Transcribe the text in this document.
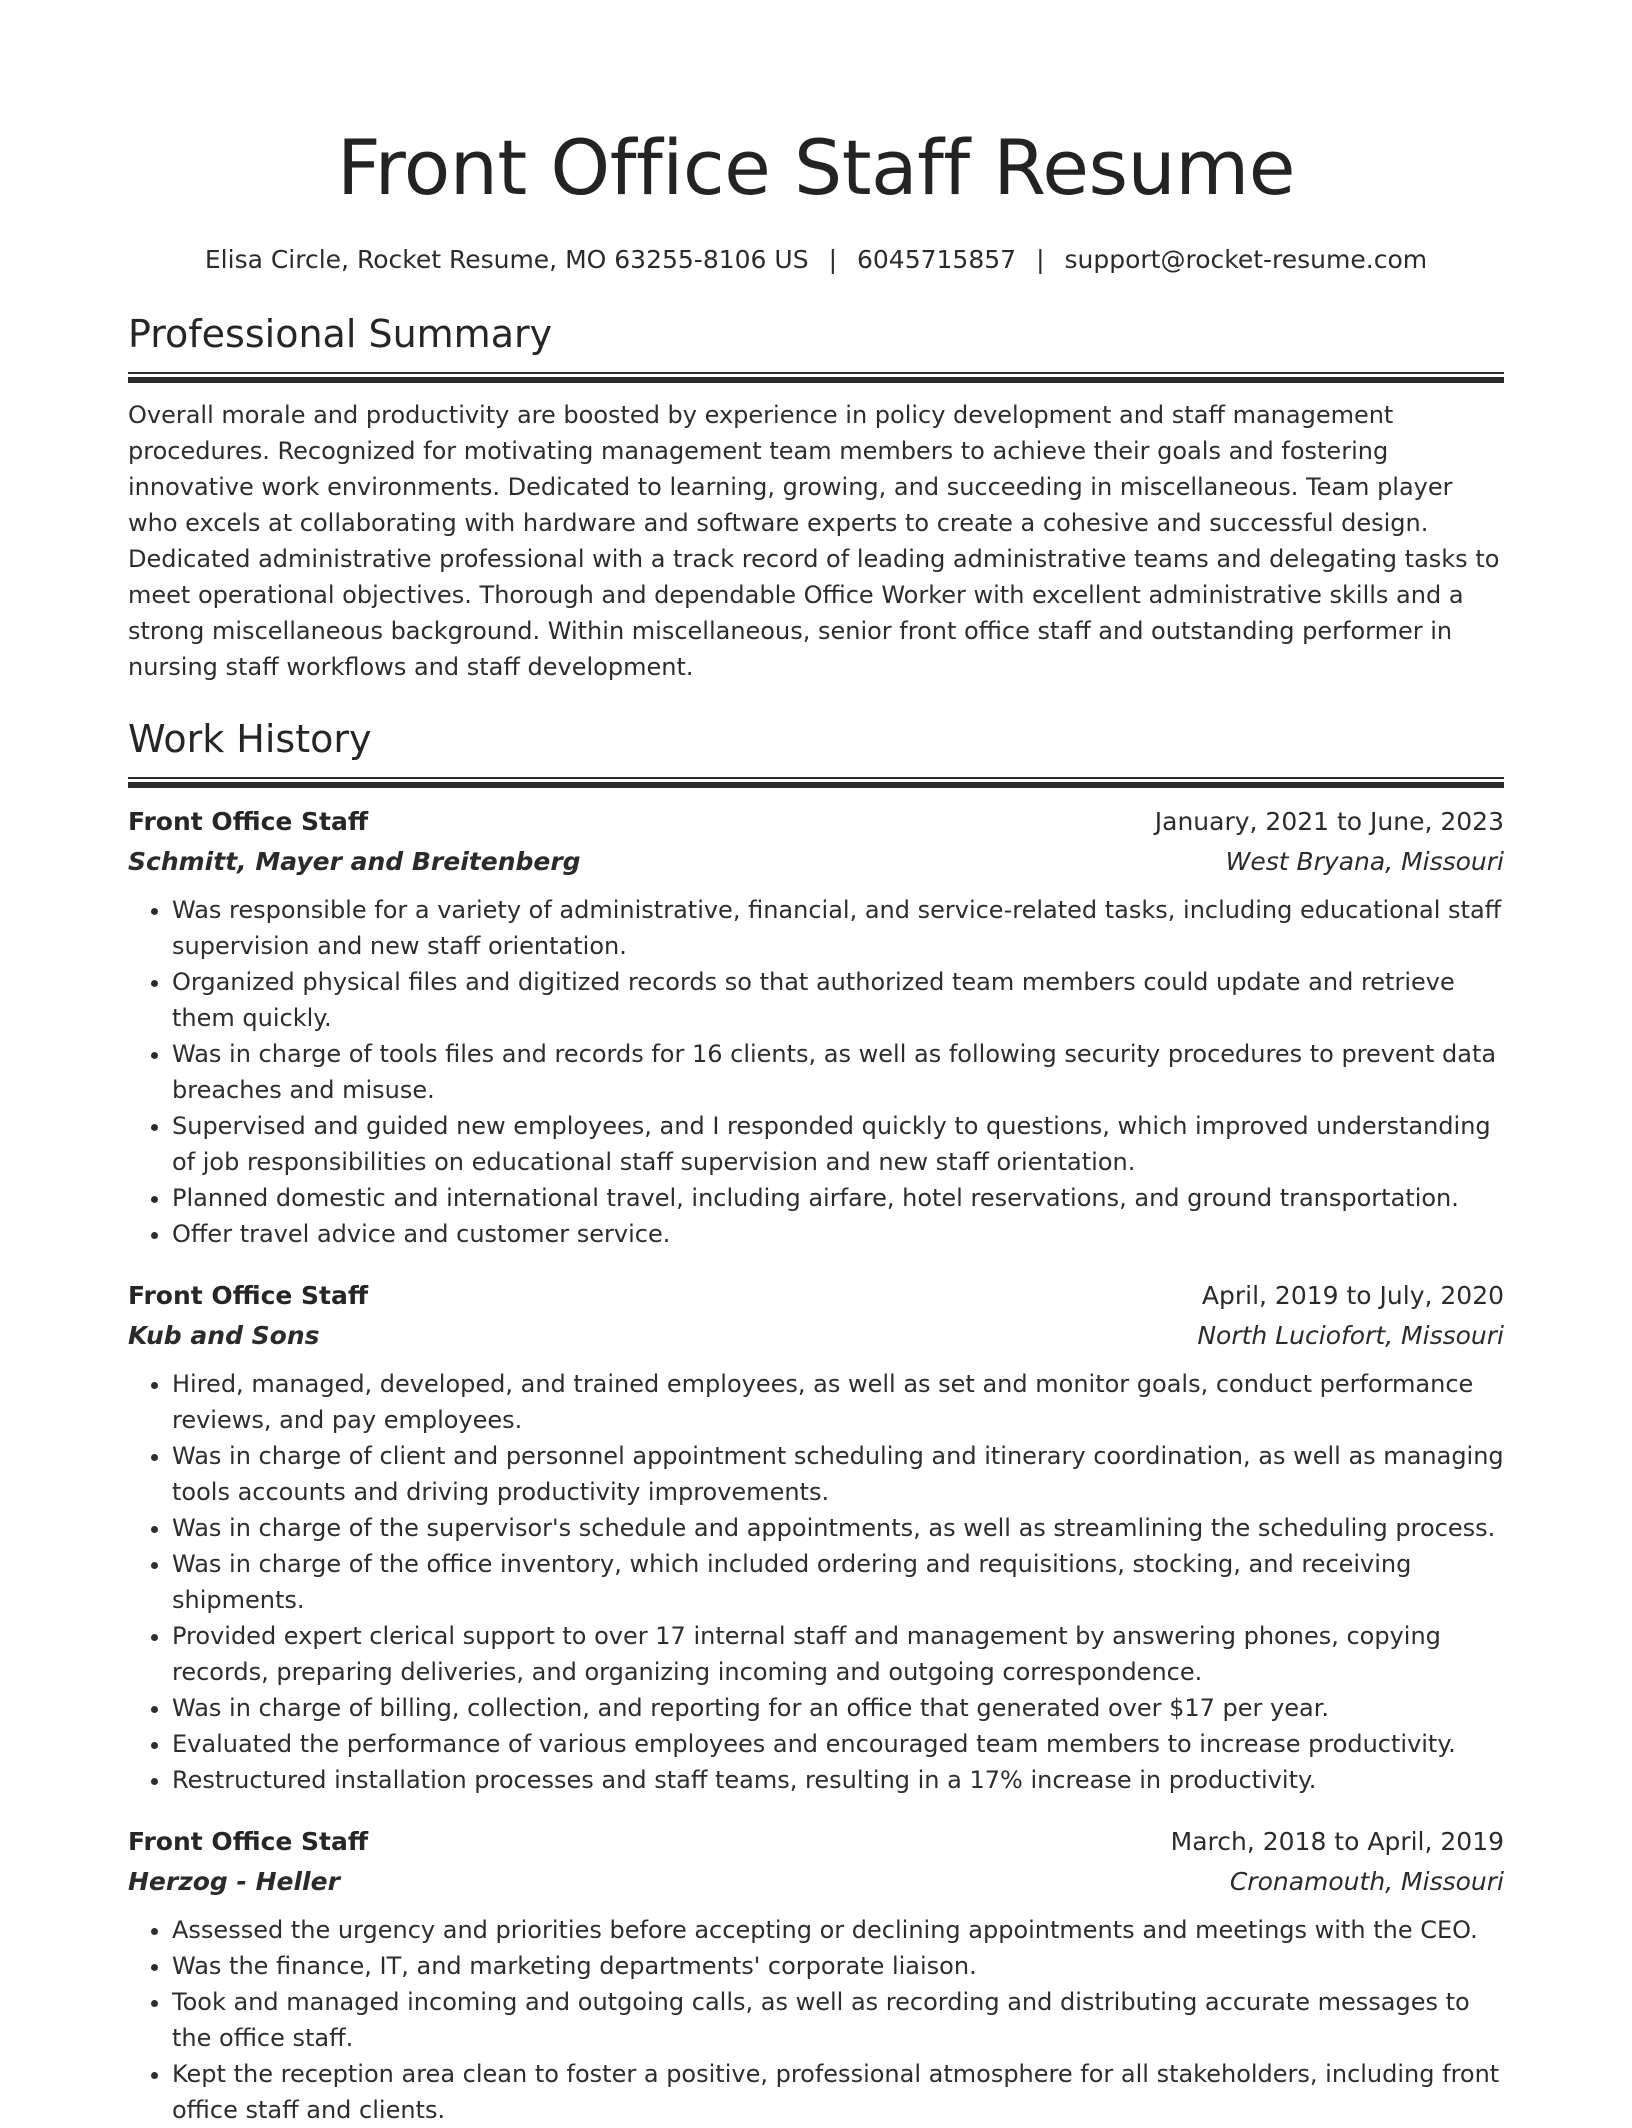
Front Office Staff Resume
Elisa Circle, Rocket Resume, MO 63255-8106 US | 6045715857 | support@rocket-resume.com
Professional Summary
Overall morale and productivity are boosted by experience in policy development and staff management procedures. Recognized for motivating management team members to achieve their goals and fostering innovative work environments. Dedicated to learning, growing, and succeeding in miscellaneous. Team player who excels at collaborating with hardware and software experts to create a cohesive and successful design. Dedicated administrative professional with a track record of leading administrative teams and delegating tasks to meet operational objectives. Thorough and dependable Office Worker with excellent administrative skills and a strong miscellaneous background. Within miscellaneous, senior front office staff and outstanding performer in nursing staff workflows and staff development.
Work History
Front Office Staff	January, 2021 to June, 2023
Schmitt, Mayer and Breitenberg	West Bryana, Missouri
• Was responsible for a variety of administrative, financial, and service-related tasks, including educational staff supervision and new staff orientation.
• Organized physical files and digitized records so that authorized team members could update and retrieve them quickly.
• Was in charge of tools files and records for 16 clients, as well as following security procedures to prevent data breaches and misuse.
• Supervised and guided new employees, and I responded quickly to questions, which improved understanding of job responsibilities on educational staff supervision and new staff orientation.
• Planned domestic and international travel, including airfare, hotel reservations, and ground transportation.
• Offer travel advice and customer service.
Front Office Staff	April, 2019 to July, 2020
Kub and Sons	North Luciofort, Missouri
• Hired, managed, developed, and trained employees, as well as set and monitor goals, conduct performance reviews, and pay employees.
• Was in charge of client and personnel appointment scheduling and itinerary coordination, as well as managing tools accounts and driving productivity improvements.
• Was in charge of the supervisor's schedule and appointments, as well as streamlining the scheduling process.
• Was in charge of the office inventory, which included ordering and requisitions, stocking, and receiving shipments.
• Provided expert clerical support to over 17 internal staff and management by answering phones, copying records, preparing deliveries, and organizing incoming and outgoing correspondence.
• Was in charge of billing, collection, and reporting for an office that generated over $17 per year.
• Evaluated the performance of various employees and encouraged team members to increase productivity.
• Restructured installation processes and staff teams, resulting in a 17% increase in productivity.
Front Office Staff	March, 2018 to April, 2019
Herzog - Heller	Cronamouth, Missouri
• Assessed the urgency and priorities before accepting or declining appointments and meetings with the CEO.
• Was the finance, IT, and marketing departments' corporate liaison.
• Took and managed incoming and outgoing calls, as well as recording and distributing accurate messages to the office staff.
• Kept the reception area clean to foster a positive, professional atmosphere for all stakeholders, including front office staff and clients.
